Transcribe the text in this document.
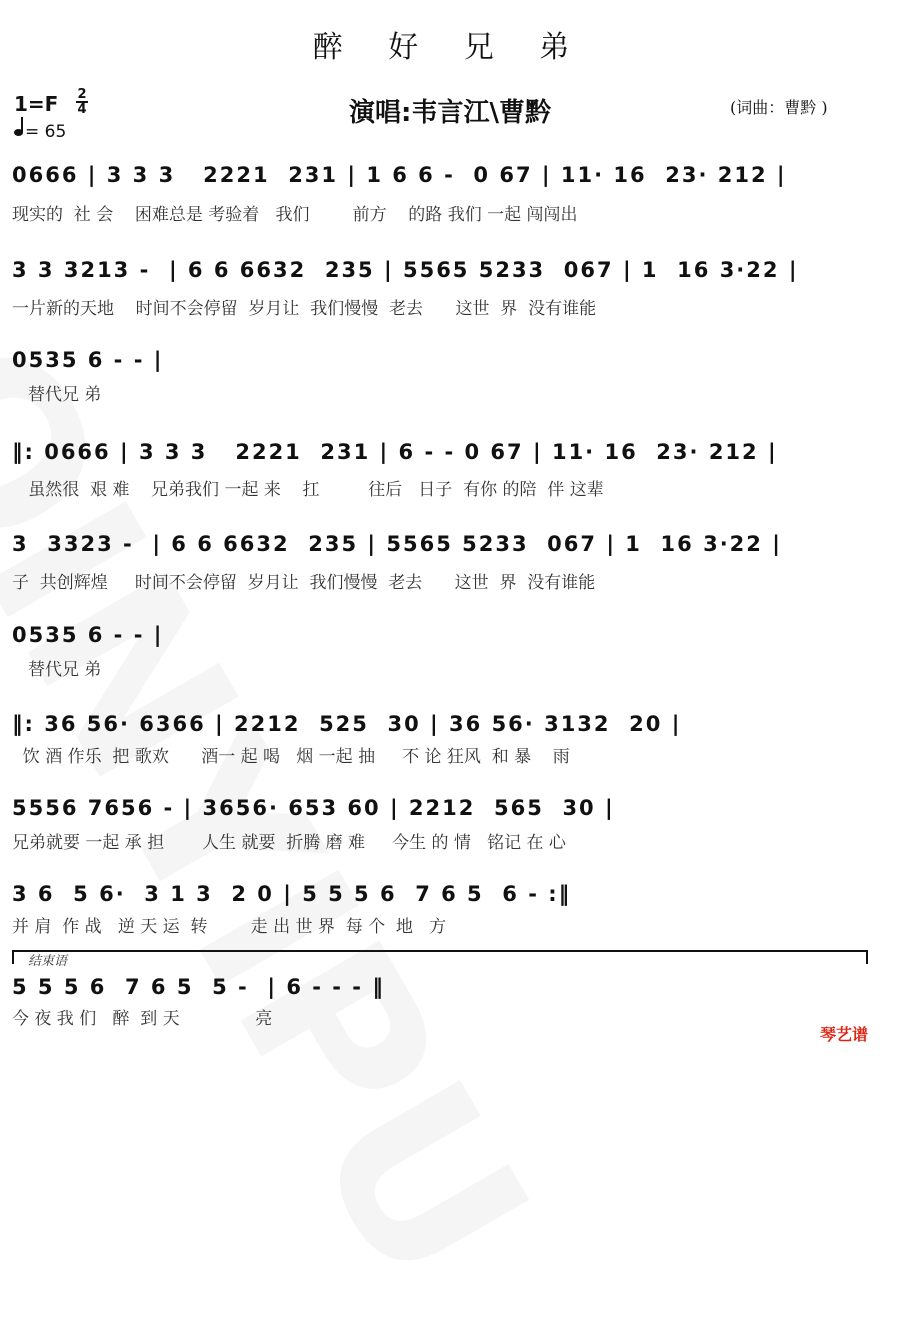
醉 好 兄 弟
1=F 2
4
= 65
演唱:韦言江\曹黔	(词曲：曹黔 )
0666 | 3 3 3   2221  231 | 1 6 6 -  0 67 | 11· 16  23· 212 |
现实的  社 会    困难总是 考验着   我们        前方    的路 我们 一起 闯闯出
3 3 3213 -  | 6 6 6632  235 | 5565 5233  067 | 1  16 3·22 |
一片新的天地    时间不会停留  岁月让  我们慢慢  老去      这世  界  没有谁能
0535 6 - - |
替代兄 弟
‖: 0666 | 3 3 3   2221  231 | 6 - - 0 67 | 11· 16  23· 212 |
虽然很  艰 难    兄弟我们 一起 来    扛         往后   日子  有你 的陪  伴 这辈
3  3323 -  | 6 6 6632  235 | 5565 5233  067 | 1  16 3·22 |
子  共创辉煌     时间不会停留  岁月让  我们慢慢  老去      这世  界  没有谁能
0535 6 - - |
替代兄 弟
‖: 36 56· 6366 | 2212  525  30 | 36 56· 3132  20 |
饮 酒 作乐  把 歌欢      酒一 起 喝   烟 一起 抽     不 论 狂风  和 暴    雨
5556 7656 - | 3656· 653 60 | 2212  565  30 |
兄弟就要 一起 承 担       人生 就要  折腾 磨 难     今生 的 情   铭记 在 心
3 6  5 6·  3 1 3  2 0 | 5 5 5 6  7 6 5  6 - :‖
并 肩  作 战   逆 天 运  转        走 出 世 界  每 个  地   方
结束语
5 5 5 6  7 6 5  5 -  | 6 - - - ‖
今 夜 我 们   醉  到 天              亮
琴艺谱
